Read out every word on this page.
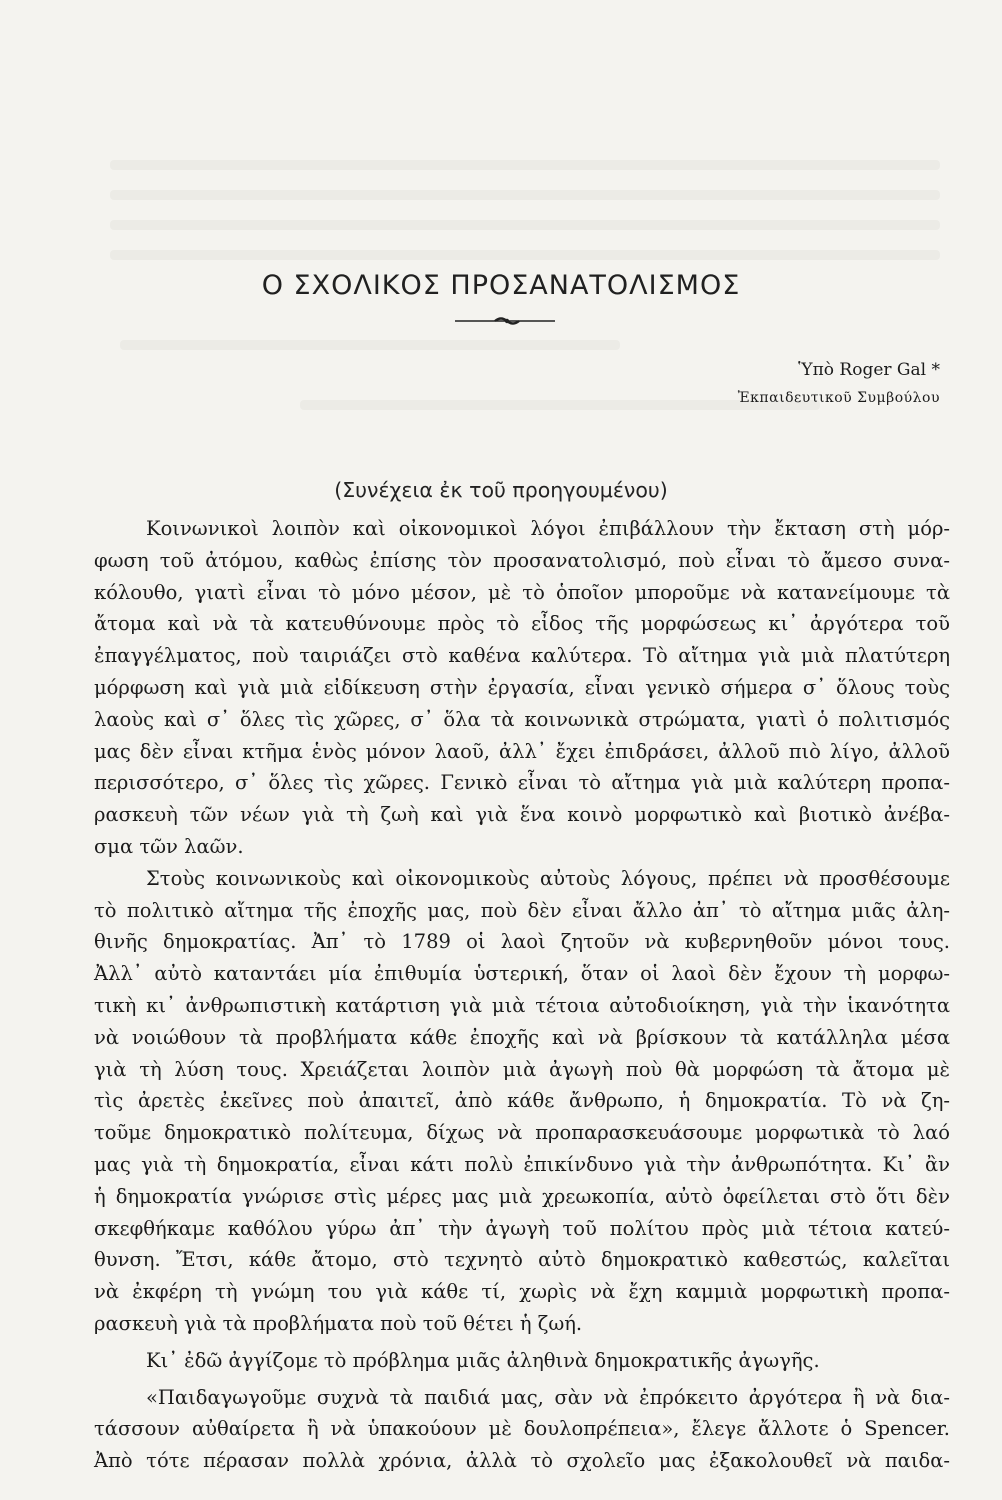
Ο ΣΧΟΛΙΚΟΣ ΠΡΟΣΑΝΑΤΟΛΙΣΜΟΣ
Ὑπὸ Roger Gal *
Ἐκπαιδευτικοῦ Συμβούλου
(Συνέχεια ἐκ τοῦ προηγουμένου)
Κοινωνικοὶ λοιπὸν καὶ οἰκονομικοὶ λόγοι ἐπιβάλλουν τὴν ἔκταση στὴ μόρ-
φωση τοῦ ἀτόμου, καθὼς ἐπίσης τὸν προσανατολισμό, ποὺ εἶναι τὸ ἄμεσο συνα-
κόλουθο, γιατὶ εἶναι τὸ μόνο μέσον, μὲ τὸ ὁποῖον μποροῦμε νὰ κατανείμουμε τὰ
ἄτομα καὶ νὰ τὰ κατευθύνουμε πρὸς τὸ εἶδος τῆς μορφώσεως κι᾽ ἀργότερα τοῦ
ἐπαγγέλματος, ποὺ ταιριάζει στὸ καθένα καλύτερα. Τὸ αἴτημα γιὰ μιὰ πλατύτερη
μόρφωση καὶ γιὰ μιὰ εἰδίκευση στὴν ἐργασία, εἶναι γενικὸ σήμερα σ᾽ ὅλους τοὺς
λαοὺς καὶ σ᾽ ὅλες τὶς χῶρες, σ᾽ ὅλα τὰ κοινωνικὰ στρώματα, γιατὶ ὁ πολιτισμός
μας δὲν εἶναι κτῆμα ἑνὸς μόνον λαοῦ, ἀλλ᾽ ἔχει ἐπιδράσει, ἀλλοῦ πιὸ λίγο, ἀλλοῦ
περισσότερο, σ᾽ ὅλες τὶς χῶρες. Γενικὸ εἶναι τὸ αἴτημα γιὰ μιὰ καλύτερη προπα-
ρασκευὴ τῶν νέων γιὰ τὴ ζωὴ καὶ γιὰ ἕνα κοινὸ μορφωτικὸ καὶ βιοτικὸ ἀνέβα-
σμα τῶν λαῶν.
Στοὺς κοινωνικοὺς καὶ οἰκονομικοὺς αὐτοὺς λόγους, πρέπει νὰ προσθέσουμε
τὸ πολιτικὸ αἴτημα τῆς ἐποχῆς μας, ποὺ δὲν εἶναι ἄλλο ἀπ᾽ τὸ αἴτημα μιᾶς ἀλη-
θινῆς δημοκρατίας. Ἀπ᾽ τὸ 1789 οἱ λαοὶ ζητοῦν νὰ κυβερνηθοῦν μόνοι τους.
Ἀλλ᾽ αὐτὸ καταντάει μία ἐπιθυμία ὑστερική, ὅταν οἱ λαοὶ δὲν ἔχουν τὴ μορφω-
τικὴ κι᾽ ἀνθρωπιστικὴ κατάρτιση γιὰ μιὰ τέτοια αὐτοδιοίκηση, γιὰ τὴν ἱκανότητα
νὰ νοιώθουν τὰ προβλήματα κάθε ἐποχῆς καὶ νὰ βρίσκουν τὰ κατάλληλα μέσα
γιὰ τὴ λύση τους. Χρειάζεται λοιπὸν μιὰ ἀγωγὴ ποὺ θὰ μορφώση τὰ ἄτομα μὲ
τὶς ἀρετὲς ἐκεῖνες ποὺ ἀπαιτεῖ, ἀπὸ κάθε ἄνθρωπο, ἡ δημοκρατία. Τὸ νὰ ζη-
τοῦμε δημοκρατικὸ πολίτευμα, δίχως νὰ προπαρασκευάσουμε μορφωτικὰ τὸ λαό
μας γιὰ τὴ δημοκρατία, εἶναι κάτι πολὺ ἐπικίνδυνο γιὰ τὴν ἀνθρωπότητα. Κι᾽ ἂν
ἡ δημοκρατία γνώρισε στὶς μέρες μας μιὰ χρεωκοπία, αὐτὸ ὀφείλεται στὸ ὅτι δὲν
σκεφθήκαμε καθόλου γύρω ἀπ᾽ τὴν ἀγωγὴ τοῦ πολίτου πρὸς μιὰ τέτοια κατεύ-
θυνση. Ἔτσι, κάθε ἄτομο, στὸ τεχνητὸ αὐτὸ δημοκρατικὸ καθεστώς, καλεῖται
νὰ ἐκφέρη τὴ γνώμη του γιὰ κάθε τί, χωρὶς νὰ ἔχη καμμιὰ μορφωτικὴ προπα-
ρασκευὴ γιὰ τὰ προβλήματα ποὺ τοῦ θέτει ἡ ζωή.
Κι᾽ ἐδῶ ἀγγίζομε τὸ πρόβλημα μιᾶς ἀληθινὰ δημοκρατικῆς ἀγωγῆς.
«Παιδαγωγοῦμε συχνὰ τὰ παιδιά μας, σὰν νὰ ἐπρόκειτο ἀργότερα ἢ νὰ δια-
τάσσουν αὐθαίρετα ἢ νὰ ὑπακούουν μὲ δουλοπρέπεια», ἔλεγε ἄλλοτε ὁ Spencer.
Ἀπὸ τότε πέρασαν πολλὰ χρόνια, ἀλλὰ τὸ σχολεῖο μας ἐξακολουθεῖ νὰ παιδα-
